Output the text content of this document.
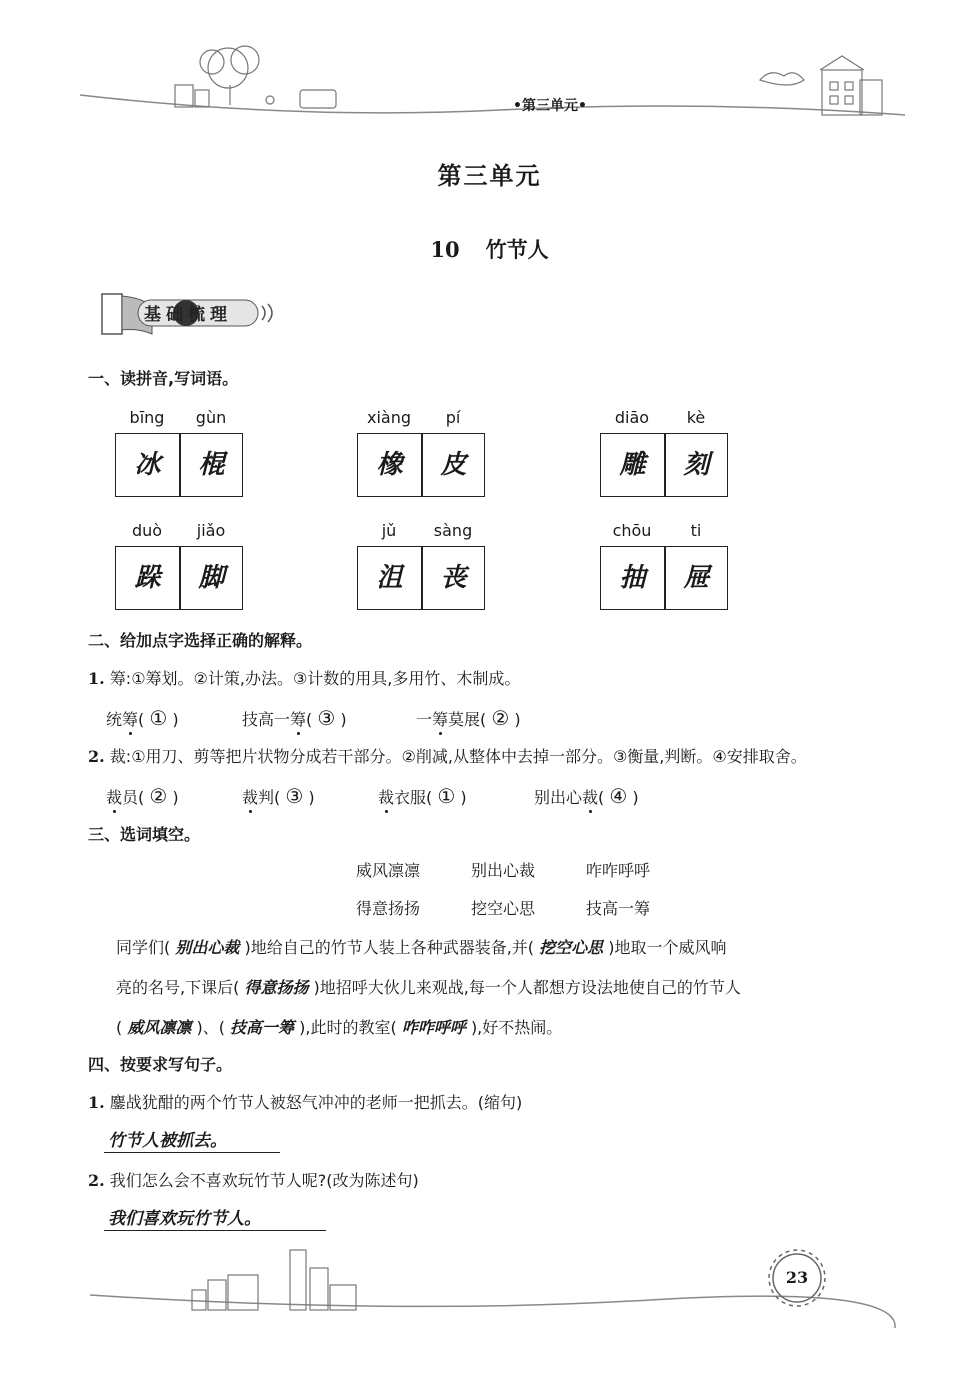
•第三单元•
第三单元
10 竹节人
基础梳理
一、读拼音,写词语。
bīng	gùn
冰	棍
xiàng	pí
橡	皮
diāo	kè
雕	刻
duò	jiǎo
跺	脚
jǔ	sàng
沮	丧
chōu	ti
抽	屉
二、给加点字选择正确的解释。
1. 筹:①筹划。②计策,办法。③计数的用具,多用竹、木制成。
统筹( ① )	技高一筹( ③ )	一筹莫展( ② )
2. 裁:①用刀、剪等把片状物分成若干部分。②削减,从整体中去掉一部分。③衡量,判断。④安排取舍。
裁员( ② )	裁判( ③ )	裁衣服( ① )	别出心裁( ④ )
三、选词填空。
威风凛凛	别出心裁	咋咋呼呼
得意扬扬	挖空心思	技高一筹
同学们( 别出心裁 )地给自己的竹节人装上各种武器装备,并( 挖空心思 )地取一个威风响
亮的名号,下课后( 得意扬扬 )地招呼大伙儿来观战,每一个人都想方设法地使自己的竹节人
( 威风凛凛 )、( 技高一筹 ),此时的教室( 咋咋呼呼 ),好不热闹。
四、按要求写句子。
1. 鏖战犹酣的两个竹节人被怒气冲冲的老师一把抓去。(缩句)
竹节人被抓去。
2. 我们怎么会不喜欢玩竹节人呢?(改为陈述句)
我们喜欢玩竹节人。
23
